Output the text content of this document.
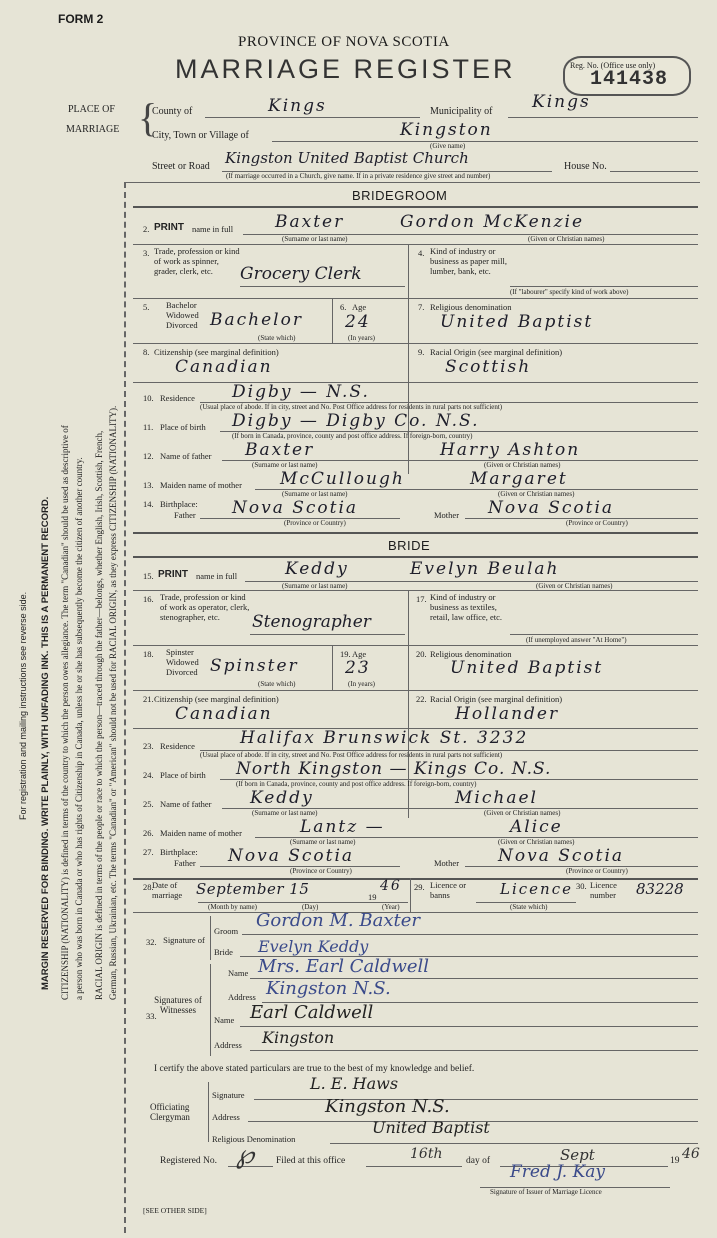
FORM 2
PROVINCE OF NOVA SCOTIA
MARRIAGE REGISTER	Reg. No. (Office use only)
141438
PLACE OF
MARRIAGE {
County of	Kings	Municipality of Kings
City, Town or Village of	Kingston
(Give name)
Street or Road Kingston United Baptist Church	House No.
(If marriage occurred in a Church, give name. If in a private residence give street and number)
For registration and mailing instructions see reverse side. MARGIN RESERVED FOR BINDING. WRITE PLAINLY, WITH UNFADING INK. THIS IS A PERMANENT RECORD. CITIZENSHIP (NATIONALITY) is defined in terms of the country to which the person owes allegiance. The term "Canadian" should be used as descriptive of a person who was born in Canada or who has rights of Citizenship in Canada, unless he or she has subsequently become the citizen of another country. RACIAL ORIGIN is defined in terms of the people or race to which the person—traced through the father—belongs, whether English, Irish, Scottish, French, German, Russian, Ukrainian, etc. The terms "Canadian" or "American" should not be used for RACIAL ORIGIN, as they express CITIZENSHIP (NATIONALITY).
BRIDEGROOM
2. PRINT name in full Baxter	Gordon McKenzie
(Surname or last name)	(Given or Christian names)
3. Trade, profession or kind of work as spinner, grader, clerk, etc.	Grocery Clerk
4. Kind of industry or business as paper mill, lumber, bank, etc.
(If "labourer" specify kind of work above)
5. Bachelor Widowed Divorced Bachelor
(State which)
6. Age
24
(In years)
7. Religious denomination
United Baptist
8. Citizenship (see marginal definition)
Canadian
9. Racial Origin (see marginal definition)
Scottish
10. Residence Digby — N.S.
(Usual place of abode. If in city, street and No. Post Office address for residents in rural parts not sufficient)
11. Place of birth Digby — Digby Co. N.S.
(If born in Canada, province, county and post office address. If foreign-born, country)
12. Name of father Baxter	Harry Ashton
(Surname or last name)	(Given or Christian names)
13. Maiden name of mother McCullough	Margaret
(Surname or last name)	(Given or Christian names)
14. Birthplace:
Father Nova Scotia
(Province or Country)
Mother Nova Scotia
(Province or Country)
BRIDE
15. PRINT name in full	Keddy	Evelyn Beulah
(Surname or last name)	(Given or Christian names)
16. Trade, profession or kind of work as operator, clerk, stenographer, etc.	Stenographer
17. Kind of industry or business as textiles, retail, law office, etc.
(If unemployed answer "At Home")
18. Spinster Widowed Divorced Spinster
(State which)
19. Age
23
(In years)
20. Religious denomination
United Baptist
21. Citizenship (see marginal definition)
Canadian
22. Racial Origin (see marginal definition)
Hollander
23. Residence	Halifax Brunswick St. 3232
(Usual place of abode. If in city, street and No. Post Office address for residents in rural parts not sufficient)
24. Place of birth North Kingston — Kings Co. N.S.
(If born in Canada, province, county and post office address. If foreign-born, country)
25. Name of father Keddy	Michael
(Surname or last name)	(Given or Christian names)
26. Maiden name of mother	Lantz —	Alice
(Surname or last name)	(Given or Christian names)
27. Birthplace:
Father Nova Scotia
(Province or Country)
Mother Nova Scotia
(Province or Country)
28.
Date of marriage September 15	19
46
(Month by name)	(Day)	(Year)
29. Licence or banns	Licence
(State which)
30. Licence number	83228
32. Signature of
Groom Gordon M. Baxter
Bride Evelyn Keddy
33.
Signatures of Witnesses
Name Mrs. Earl Caldwell
Address Kingston N.S.
Name Earl Caldwell
Address Kingston
I certify the above stated particulars are true to the best of my knowledge and belief.
Officiating Clergyman
Signature
L. E. Haws
Address	Kingston N.S.
Religious Denomination
United Baptist
Registered No. ℘ Filed at this office	16th day of	Sept	19 46
Fred J. Kay
Signature of Issuer of Marriage Licence
[SEE OTHER SIDE]
